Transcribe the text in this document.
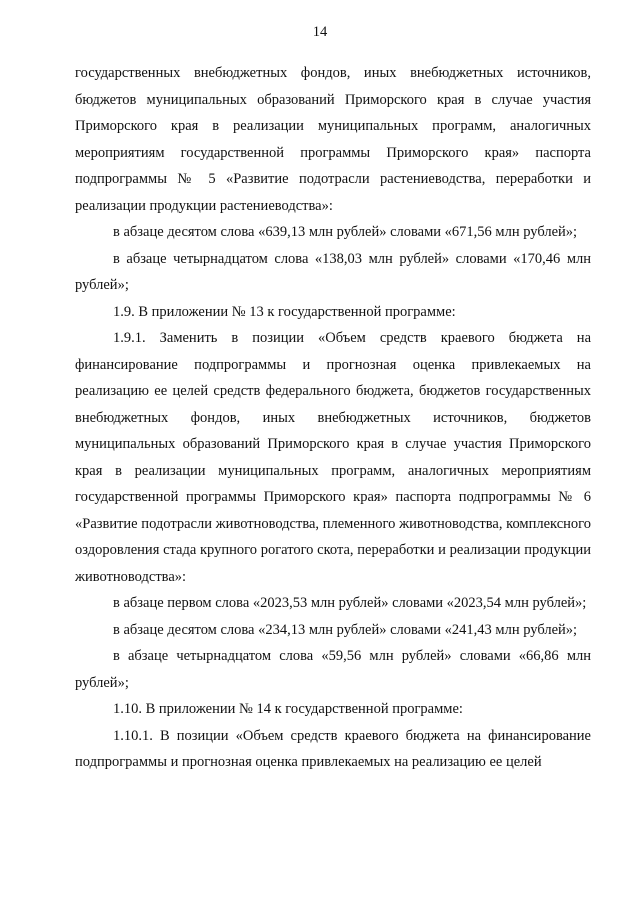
14

государственных внебюджетных фондов, иных внебюджетных источников, бюджетов муниципальных образований Приморского края в случае участия Приморского края в реализации муниципальных программ, аналогичных мероприятиям государственной программы Приморского края» паспорта подпрограммы № 5 «Развитие подотрасли растениеводства, переработки и реализации продукции растениеводства»:

в абзаце десятом слова «639,13 млн рублей» словами «671,56 млн рублей»;

в абзаце четырнадцатом слова «138,03 млн рублей» словами «170,46 млн рублей»;

1.9. В приложении № 13 к государственной программе:

1.9.1. Заменить в позиции «Объем средств краевого бюджета на финансирование подпрограммы и прогнозная оценка привлекаемых на реализацию ее целей средств федерального бюджета, бюджетов государственных внебюджетных фондов, иных внебюджетных источников, бюджетов муниципальных образований Приморского края в случае участия Приморского края в реализации муниципальных программ, аналогичных мероприятиям государственной программы Приморского края» паспорта подпрограммы № 6 «Развитие подотрасли животноводства, племенного животноводства, комплексного оздоровления стада крупного рогатого скота, переработки и реализации продукции животноводства»:

в абзаце первом слова «2023,53 млн рублей» словами «2023,54 млн рублей»;

в абзаце десятом слова «234,13 млн рублей» словами «241,43 млн рублей»;

в абзаце четырнадцатом слова «59,56 млн рублей» словами «66,86 млн рублей»;

1.10. В приложении № 14 к государственной программе:

1.10.1. В позиции «Объем средств краевого бюджета на финансирование подпрограммы и прогнозная оценка привлекаемых на реализацию ее целей
